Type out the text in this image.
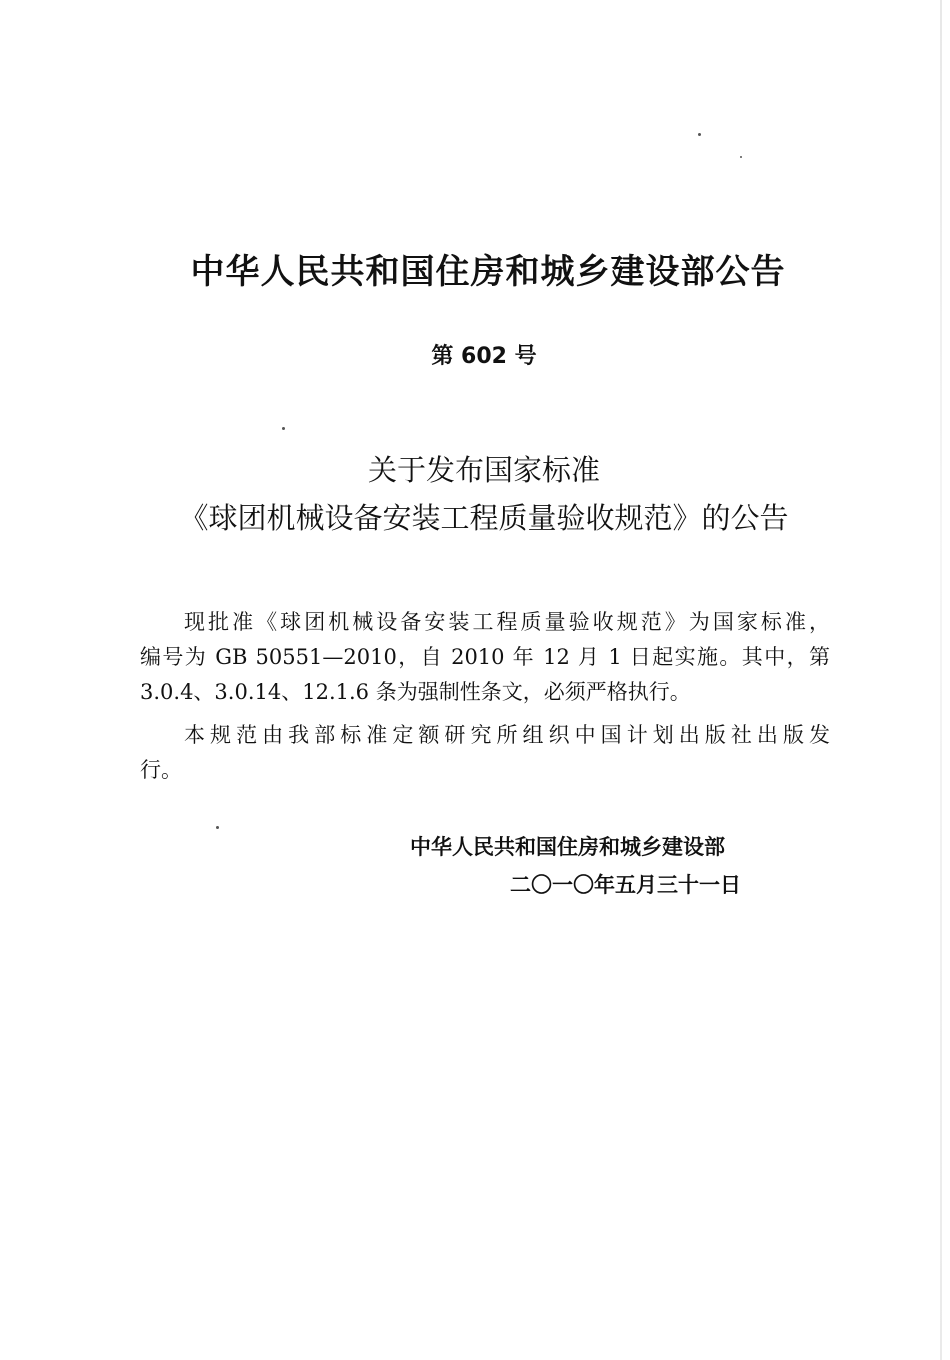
中华人民共和国住房和城乡建设部公告
第 602 号
关于发布国家标准
《球团机械设备安装工程质量验收规范》的公告
现批准《球团机械设备安装工程质量验收规范》为国家标准，
编号为 GB 50551—2010，自 2010 年 12 月 1 日起实施。其中，第
3.0.4、3.0.14、12.1.6 条为强制性条文，必须严格执行。
本规范由我部标准定额研究所组织中国计划出版社出版发
行。
中华人民共和国住房和城乡建设部
二〇一〇年五月三十一日
